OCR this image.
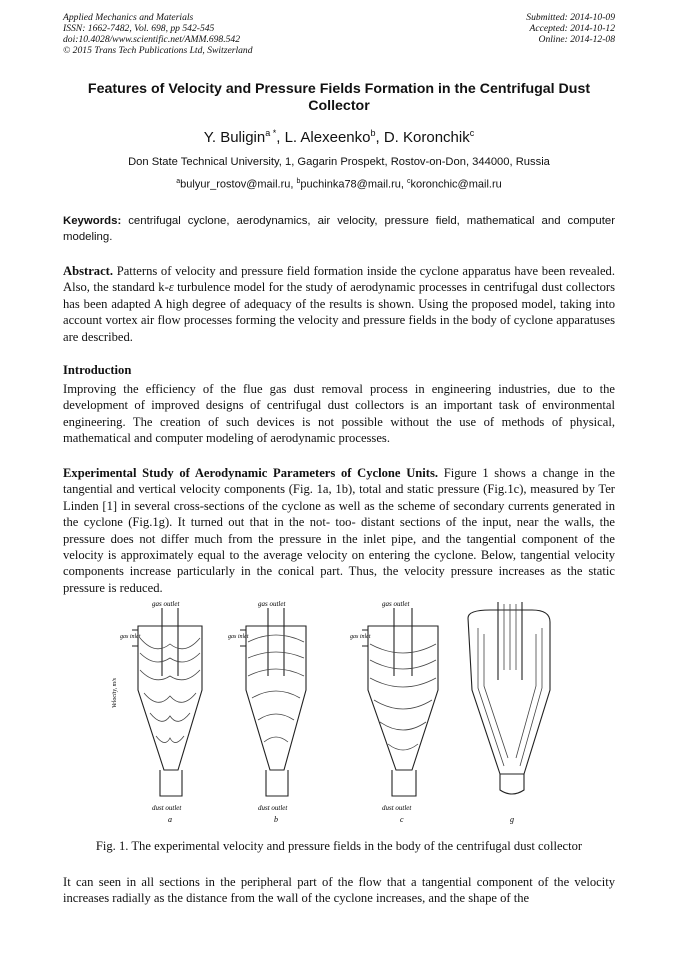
Applied Mechanics and Materials
ISSN: 1662-7482, Vol. 698, pp 542-545
doi:10.4028/www.scientific.net/AMM.698.542
© 2015 Trans Tech Publications Ltd, Switzerland
Submitted: 2014-10-09
Accepted: 2014-10-12
Online: 2014-12-08
Features of Velocity and Pressure Fields Formation in the Centrifugal Dust Collector
Y. Buligin$^{a *}$, L. Alexeenko$^b$, D. Koronchik$^c$
Don State Technical University, 1, Gagarin Prospekt, Rostov-on-Don, 344000, Russia
$^a$bulyur_rostov@mail.ru, $^b$puchinka78@mail.ru, $^c$koronchic@mail.ru
Keywords: centrifugal cyclone, aerodynamics, air velocity, pressure field, mathematical and computer modeling.
Abstract. Patterns of velocity and pressure field formation inside the cyclone apparatus have been revealed. Also, the standard k-ε turbulence model for the study of aerodynamic processes in centrifugal dust collectors has been adapted A high degree of adequacy of the results is shown. Using the proposed model, taking into account vortex air flow processes forming the velocity and pressure fields in the body of cyclone apparatuses are described.
Introduction
Improving the efficiency of the flue gas dust removal process in engineering industries, due to the development of improved designs of centrifugal dust collectors is an important task of environmental engineering. The creation of such devices is not possible without the use of methods of physical, mathematical and computer modeling of aerodynamic processes.
Experimental Study of Aerodynamic Parameters of Cyclone Units. Figure 1 shows a change in the tangential and vertical velocity components (Fig. 1a, 1b), total and static pressure (Fig.1c), measured by Ter Linden [1] in several cross-sections of the cyclone as well as the scheme of secondary currents generated in the cyclone (Fig.1g). It turned out that in the not- too- distant sections of the input, near the walls, the pressure does not differ much from the pressure in the inlet pipe, and the tangential component of the velocity is approximately equal to the average velocity on entering the cyclone. Below, tangential velocity components increase particularly in the conical part. Thus, the velocity pressure increases as the static pressure is reduced.
gas outlet
gas inlet
Velocity, m/s
dust outlet
a
gas outlet
gas inlet
dust outlet
b
gas outlet
gas inlet
dust outlet
c	g
Fig. 1. The experimental velocity and pressure fields in the body of the centrifugal dust collector
It can seen in all sections in the peripheral part of the flow that a tangential component of the velocity increases radially as the distance from the wall of the cyclone increases, and the shape of the
